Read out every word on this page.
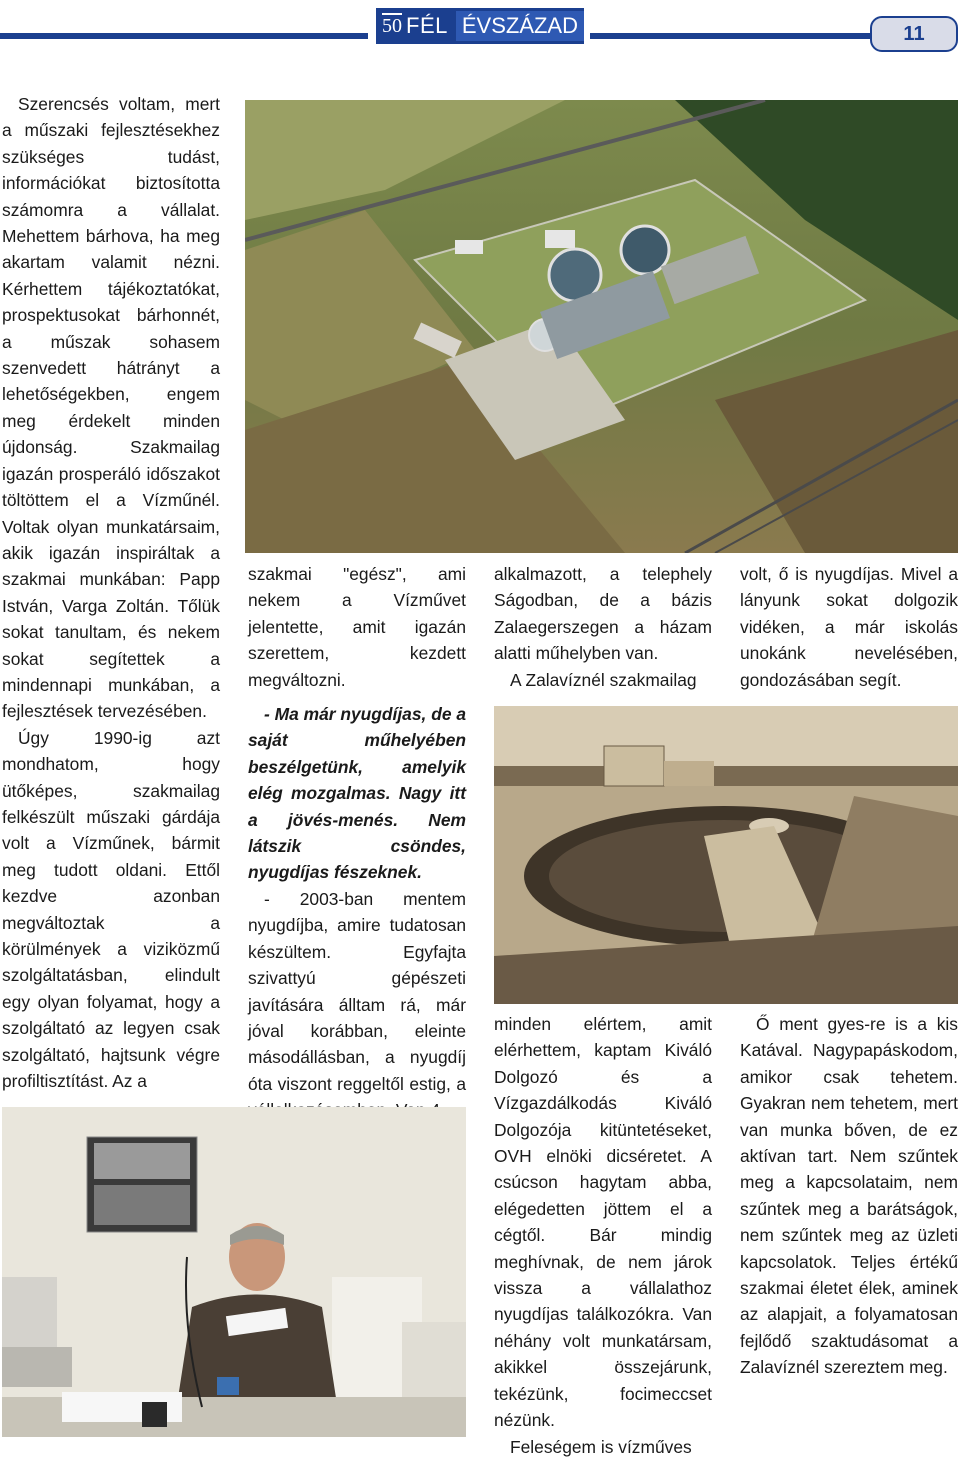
50 FÉL ÉVSZÁZAD	11

Szerencsés voltam, mert a műszaki fejlesztésekhez szükséges tudást, információkat biztosította számomra a vállalat. Mehettem bárhova, ha meg akartam valamit nézni. Kérhettem tájékoztatókat, prospektusokat bárhonnét, a műszak sohasem szenvedett hátrányt a lehetőségekben, engem meg érdekelt minden újdonság. Szakmailag igazán prosperáló időszakot töltöttem el a Vízműnél. Voltak olyan munkatársaim, akik igazán inspiráltak a szakmai munkában: Papp István, Varga Zoltán. Tőlük sokat tanultam, és nekem sokat segítettek a mindennapi munkában, a fejlesztések tervezésében.

Úgy 1990-ig azt mondhatom, hogy ütőképes, szakmailag felkészült műszaki gárdája volt a Vízműnek, bármit meg tudott oldani. Ettől kezdve azonban megváltoztak a körülmények a viziközmű szolgáltatásban, elindult egy olyan folyamat, hogy a szolgáltató az legyen csak szolgáltató, hajtsunk végre profiltisztítást. Az a

szakmai "egész", ami nekem a Vízművet jelentette, amit igazán szerettem, kezdett megváltozni.

- Ma már nyugdíjas, de a saját műhelyében beszélgetünk, amelyik elég mozgalmas. Nagy itt a jövés-menés. Nem látszik csöndes, nyugdíjas fészeknek.

- 2003-ban mentem nyugdíjba, amire tudatosan készültem. Egyfajta szivattyú gépészeti javítására álltam rá, már jóval korábban, eleinte másodállásban, a nyugdíj óta viszont reggeltől estig, a

alkalmazott, a telephely Ságodban, de a bázis Zalaegerszegen a házam alatti műhelyben van.

A Zalavíznél szakmailag

volt, ő is nyugdíjas. Mivel a lányunk sokat dolgozik vidéken, a már iskolás unokánk nevelésében, gondozásában segít.

minden elértem, amit elérhettem, kaptam Kiváló Dolgozó és a Vízgazdálkodás Kiváló Dolgozója kitüntetéseket, OVH elnöki dicséretet. A csúcson hagytam abba, elégedetten jöttem el a cégtől. Bár mindig meghívnak, de nem járok vissza a vállalathoz nyugdíjas találkozókra. Van néhány volt munkatársam, akikkel összejárunk, tekézünk, focimeccset nézünk.

Feleségem is vízműves

Ő ment gyes-re is a kis Katával. Nagypapáskodom, amikor csak tehetem. Gyakran nem tehetem, mert van munka bőven, de ez aktívan tart. Nem szűntek meg a kapcsolataim, nem szűntek meg a barátságok, nem szűntek meg az üzleti kapcsolatok. Teljes értékű szakmai életet élek, aminek az alapjait, a folyamatosan fejlődő szaktudásomat a Zalavíznél szereztem meg.
